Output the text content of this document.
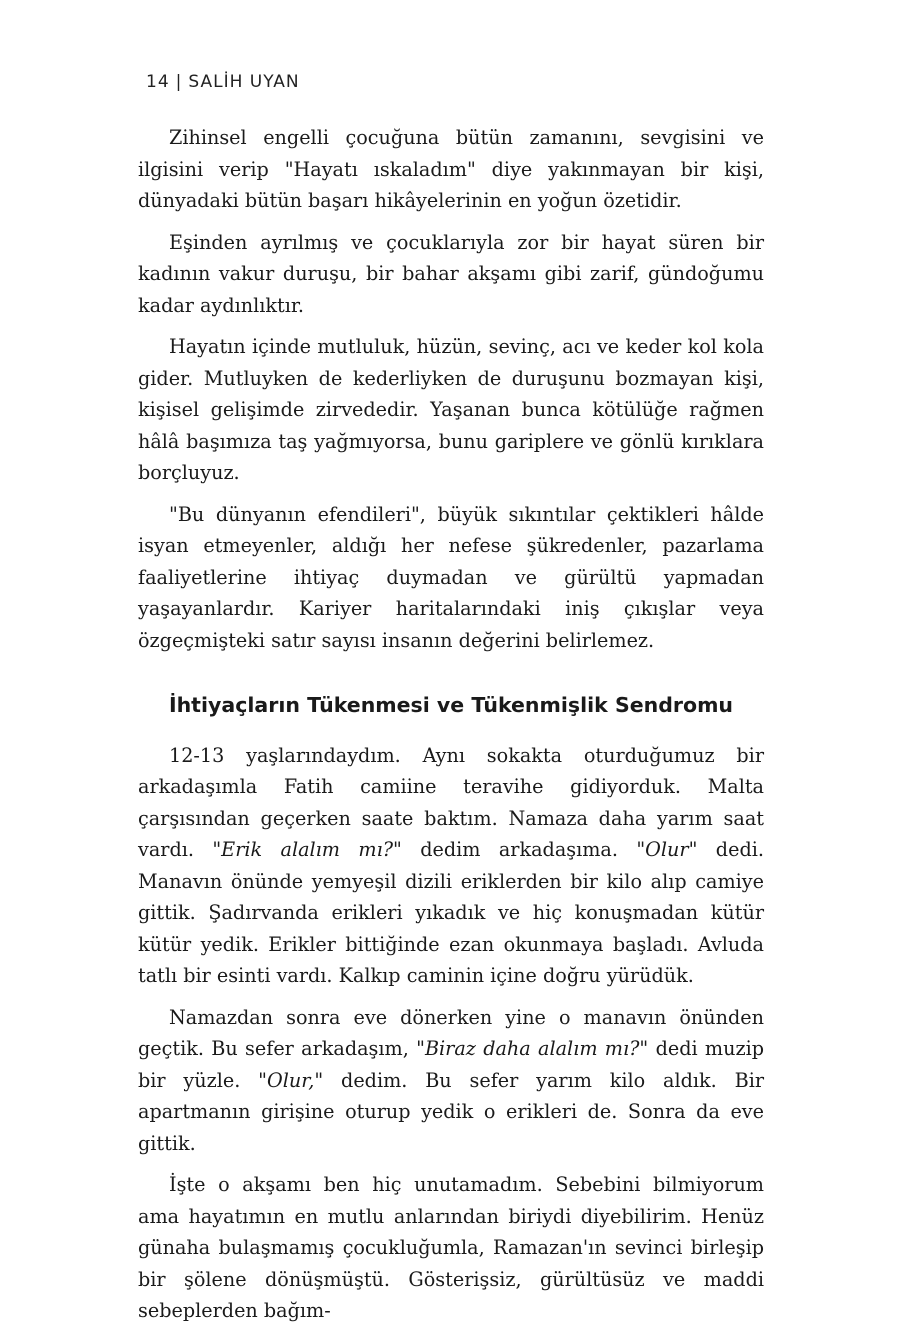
14 | SALİH UYAN

Zihinsel engelli çocuğuna bütün zamanını, sevgisini ve ilgisini verip "Hayatı ıskaladım" diye yakınmayan bir kişi, dünyadaki bütün başarı hikâyelerinin en yoğun özetidir.

Eşinden ayrılmış ve çocuklarıyla zor bir hayat süren bir kadının vakur duruşu, bir bahar akşamı gibi zarif, gündoğumu kadar aydınlıktır.

Hayatın içinde mutluluk, hüzün, sevinç, acı ve keder kol kola gider. Mutluyken de kederliyken de duruşunu bozmayan kişi, kişisel gelişimde zirvededir. Yaşanan bunca kötülüğe rağmen hâlâ başımıza taş yağmıyorsa, bunu gariplere ve gönlü kırıklara borçluyuz.

"Bu dünyanın efendileri", büyük sıkıntılar çektikleri hâlde isyan etmeyenler, aldığı her nefese şükredenler, pazarlama faaliyetlerine ihtiyaç duymadan ve gürültü yapmadan yaşayanlardır. Kariyer haritalarındaki iniş çıkışlar veya özgeçmişteki satır sayısı insanın değerini belirlemez.

İhtiyaçların Tükenmesi ve Tükenmişlik Sendromu

12-13 yaşlarındaydım. Aynı sokakta oturduğumuz bir arkadaşımla Fatih camiine teravihe gidiyorduk. Malta çarşısından geçerken saate baktım. Namaza daha yarım saat vardı. "Erik alalım mı?" dedim arkadaşıma. "Olur" dedi. Manavın önünde yemyeşil dizili eriklerden bir kilo alıp camiye gittik. Şadırvanda erikleri yıkadık ve hiç konuşmadan kütür kütür yedik. Erikler bittiğinde ezan okunmaya başladı. Avluda tatlı bir esinti vardı. Kalkıp caminin içine doğru yürüdük.

Namazdan sonra eve dönerken yine o manavın önünden geçtik. Bu sefer arkadaşım, "Biraz daha alalım mı?" dedi muzip bir yüzle. "Olur," dedim. Bu sefer yarım kilo aldık. Bir apartmanın girişine oturup yedik o erikleri de. Sonra da eve gittik.

İşte o akşamı ben hiç unutamadım. Sebebini bilmiyorum ama hayatımın en mutlu anlarından biriydi diyebilirim. Henüz günaha bulaşmamış çocukluğumla, Ramazan'ın sevinci birleşip bir şölene dönüşmüştü. Gösterişsiz, gürültüsüz ve maddi sebeplerden bağım-
